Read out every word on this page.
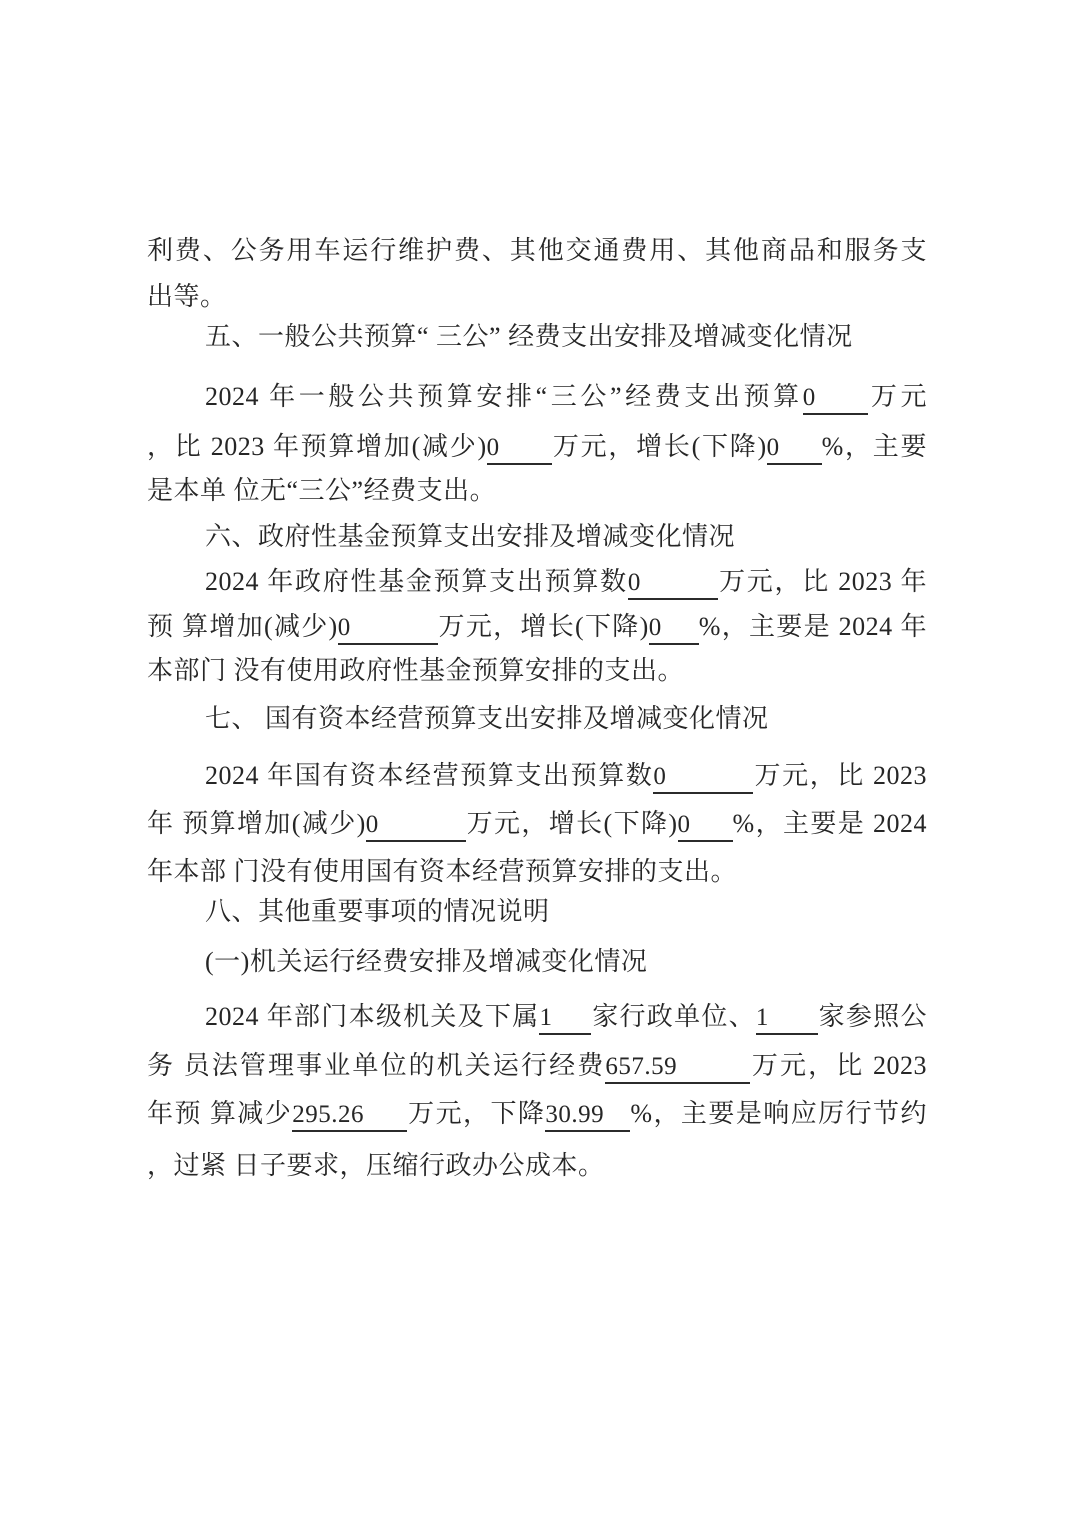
利费、公务用车运行维护费、其他交通费用、其他商品和服务支
出等。
五、一般公共预算“ 三公” 经费支出安排及增减变化情况
2024 年一般公共预算安排“三公”经费支出预算0 万元
，比 2023 年预算增加(减少)0 万元，增长(下降)0 %，主要
是本单 位无“三公”经费支出。
六、政府性基金预算支出安排及增减变化情况
2024 年政府性基金预算支出预算数0	万元，比 2023 年
预 算增加(减少)0	万元，增长(下降)0 %，主要是 2024 年
本部门 没有使用政府性基金预算安排的支出。
七、 国有资本经营预算支出安排及增减变化情况
2024 年国有资本经营预算支出预算数0	万元，比 2023
年 预算增加(减少)0	万元，增长(下降)0 %，主要是 2024
年本部 门没有使用国有资本经营预算安排的支出。
八、其他重要事项的情况说明
(一)机关运行经费安排及增减变化情况
2024 年部门本级机关及下属1 家行政单位、1 家参照公
务 员法管理事业单位的机关运行经费657.59	万元，比 2023
年预 算减少295.26 万元，下降30.99 %，主要是响应厉行节约
，过紧 日子要求，压缩行政办公成本。
